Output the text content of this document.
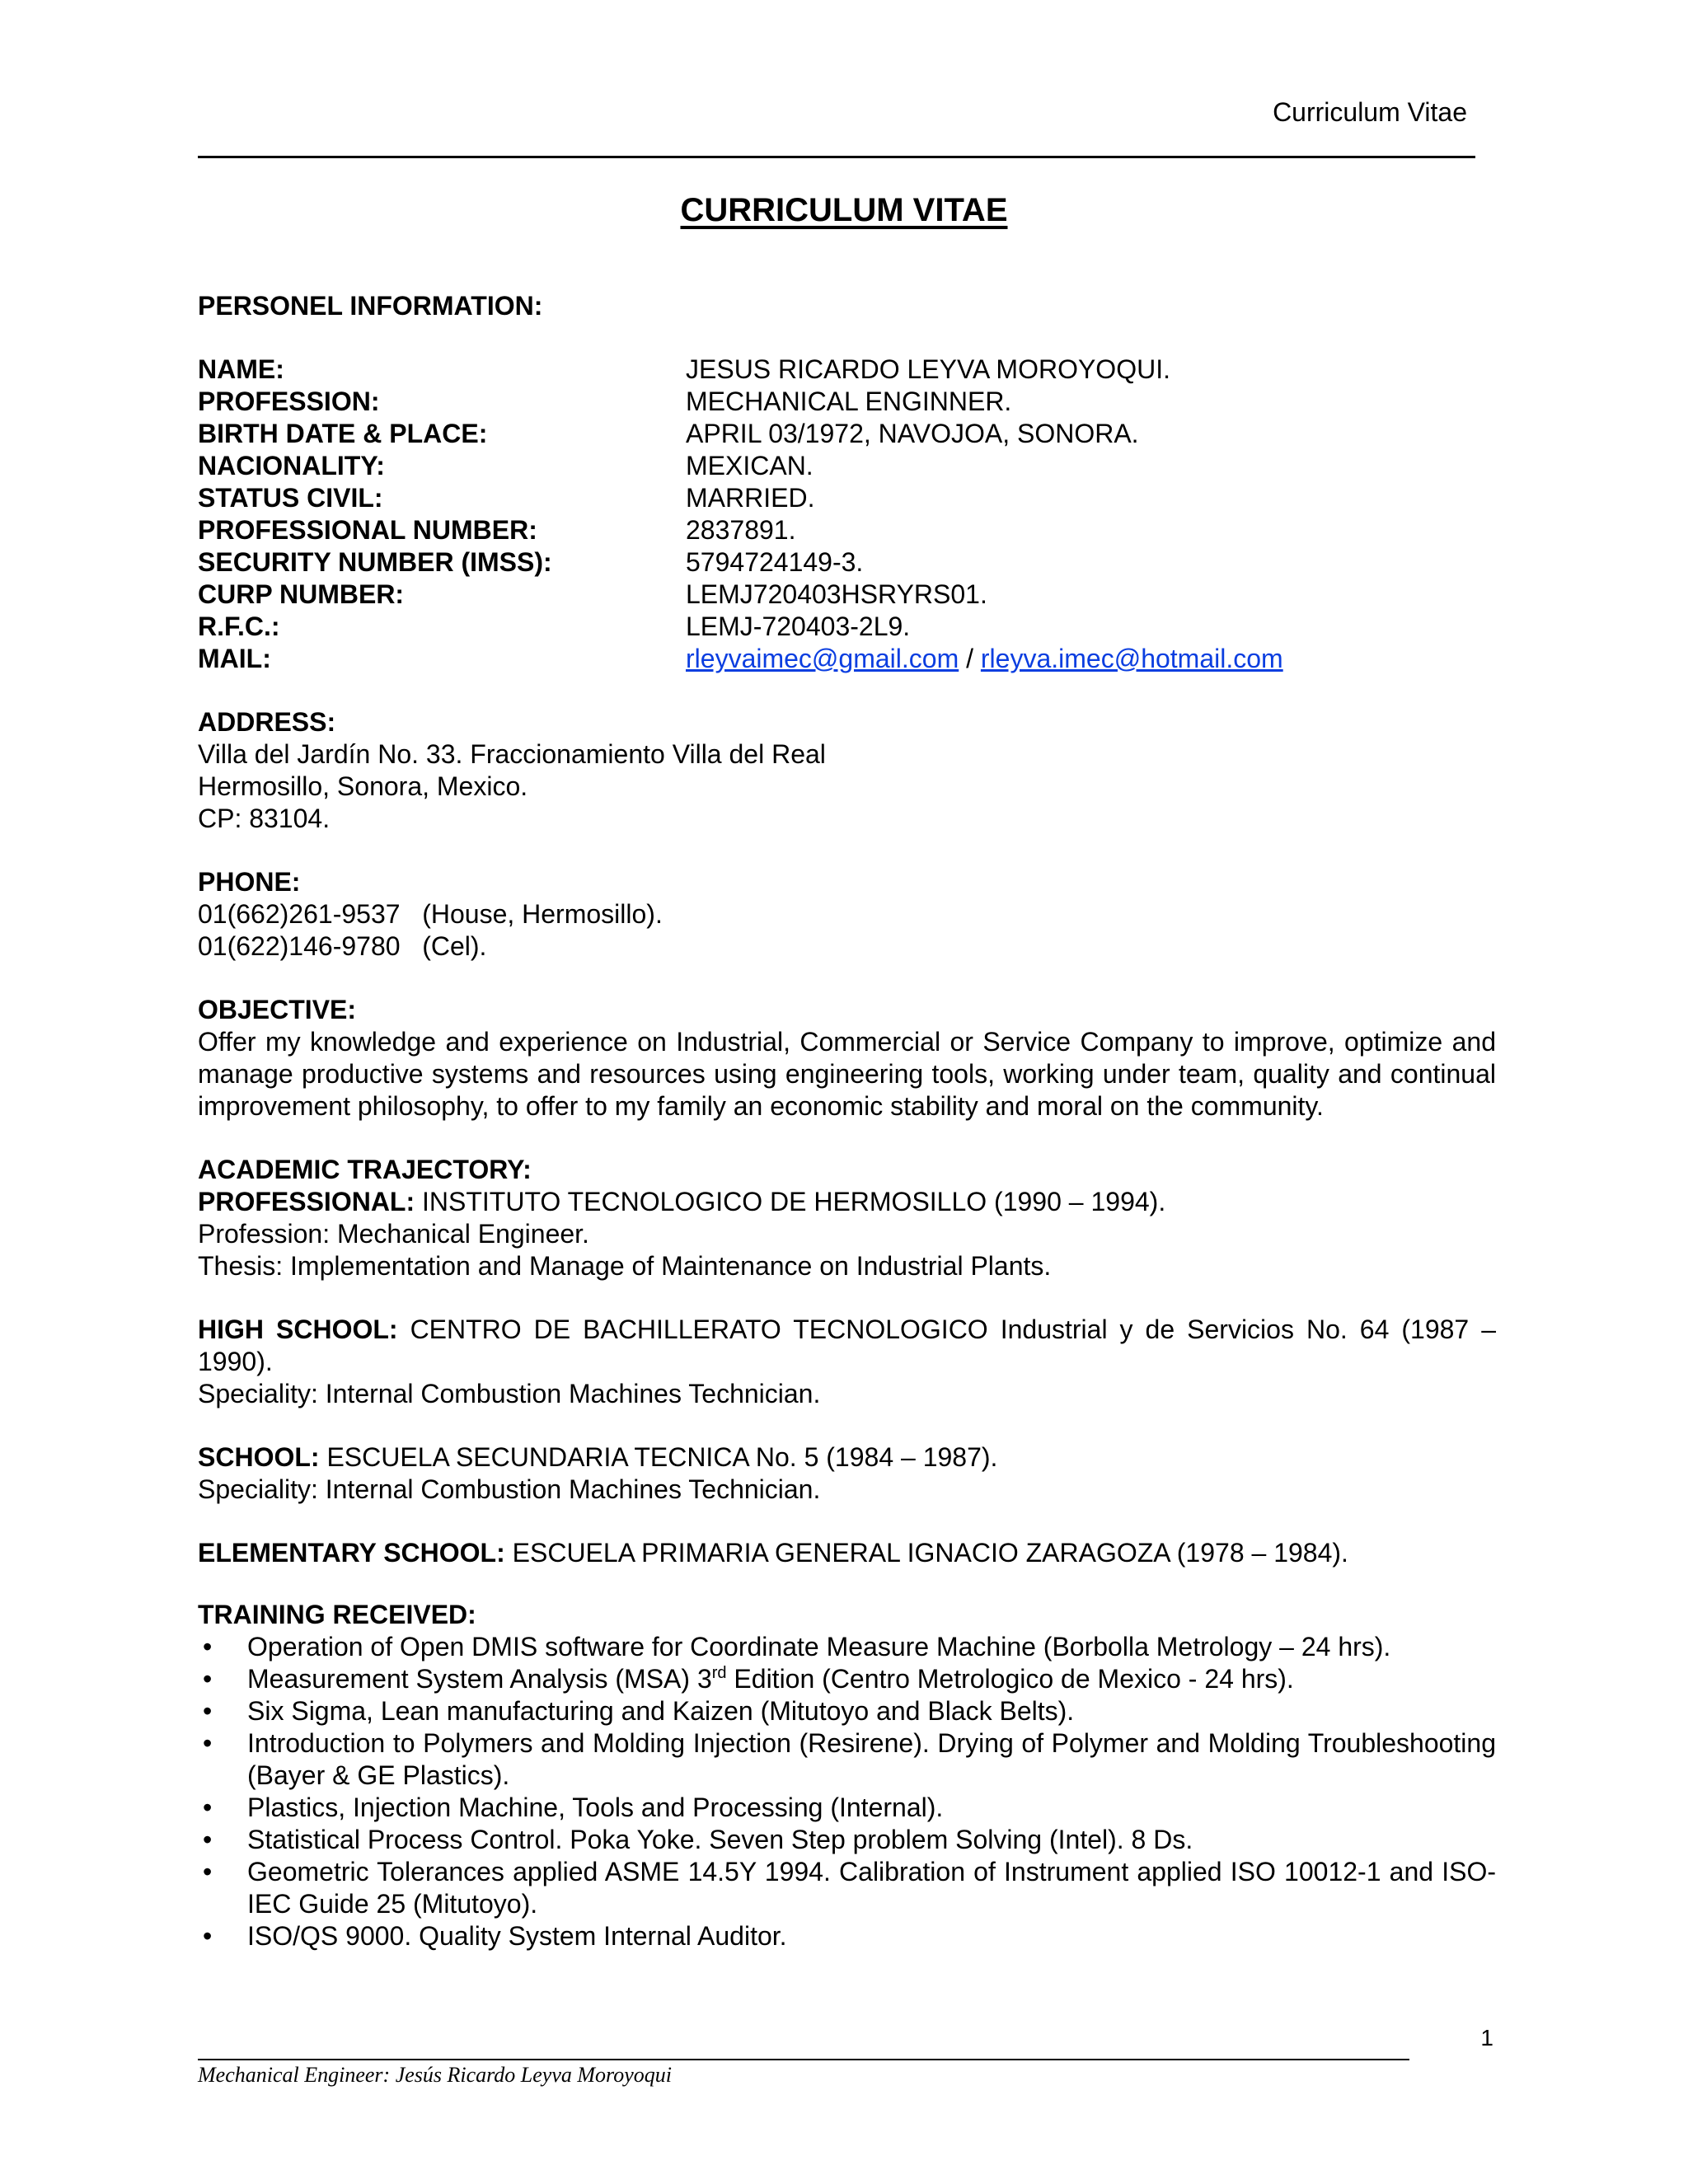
Curriculum Vitae
CURRICULUM VITAE
PERSONEL INFORMATION:
NAME:	JESUS RICARDO LEYVA MOROYOQUI.
PROFESSION:	MECHANICAL ENGINNER.
BIRTH DATE & PLACE:	APRIL 03/1972, NAVOJOA, SONORA.
NACIONALITY:	MEXICAN.
STATUS CIVIL:	MARRIED.
PROFESSIONAL NUMBER:	2837891.
SECURITY NUMBER (IMSS):	5794724149-3.
CURP NUMBER:	LEMJ720403HSRYRS01.
R.F.C.:	LEMJ-720403-2L9.
MAIL:	rleyvaimec@gmail.com / rleyva.imec@hotmail.com
ADDRESS:
Villa del Jardín No. 33. Fraccionamiento Villa del Real
Hermosillo, Sonora, Mexico.
CP: 83104.
PHONE:
01(662)261-9537   (House, Hermosillo).
01(622)146-9780   (Cel).
OBJECTIVE:
Offer my knowledge and experience on Industrial, Commercial or Service Company to improve, optimize and manage productive systems and resources using engineering tools, working under team, quality and continual improvement philosophy, to offer to my family an economic stability and moral on the community.
ACADEMIC TRAJECTORY:
PROFESSIONAL: INSTITUTO TECNOLOGICO DE HERMOSILLO (1990 – 1994).
Profession: Mechanical Engineer.
Thesis: Implementation and Manage of Maintenance on Industrial Plants.
HIGH SCHOOL: CENTRO DE BACHILLERATO TECNOLOGICO Industrial y de Servicios No. 64 (1987 – 1990).
Speciality: Internal Combustion Machines Technician.
SCHOOL: ESCUELA SECUNDARIA TECNICA No. 5 (1984 – 1987).
Speciality: Internal Combustion Machines Technician.
ELEMENTARY SCHOOL: ESCUELA PRIMARIA GENERAL IGNACIO ZARAGOZA (1978 – 1984).
TRAINING RECEIVED:
• Operation of Open DMIS software for Coordinate Measure Machine (Borbolla Metrology – 24 hrs).
• Measurement System Analysis (MSA) 3rd Edition (Centro Metrologico de Mexico - 24 hrs).
• Six Sigma, Lean manufacturing and Kaizen (Mitutoyo and Black Belts).
• Introduction to Polymers and Molding Injection (Resirene). Drying of Polymer and Molding Troubleshooting (Bayer & GE Plastics).
• Plastics, Injection Machine, Tools and Processing (Internal).
• Statistical Process Control. Poka Yoke. Seven Step problem Solving (Intel). 8 Ds.
• Geometric Tolerances applied ASME 14.5Y 1994. Calibration of Instrument applied ISO 10012-1 and ISO-IEC Guide 25 (Mitutoyo).
• ISO/QS 9000. Quality System Internal Auditor.
1
Mechanical Engineer: Jesús Ricardo Leyva Moroyoqui
